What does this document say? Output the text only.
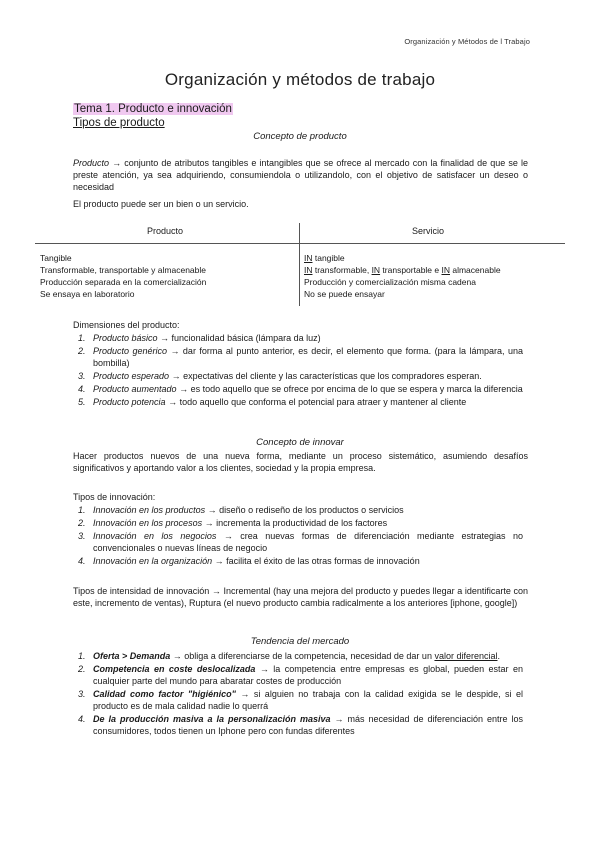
Organización y Métodos de l Trabajo
Organización y métodos de trabajo
Tema 1. Producto e innovación
Tipos de producto
Concepto de producto
Producto → conjunto de atributos tangibles e intangibles que se ofrece al mercado con la finalidad de que se le preste atención, ya sea adquiriendo, consumiendola o utilizandolo, con el objetivo de satisfacer un deseo o necesidad
El producto puede ser un bien o un servicio.
Producto	Servicio
Tangible
Transformable, transportable y almacenable
Producción separada en la comercialización
Se ensaya en laboratorio
IN tangible
IN transformable, IN transportable e IN almacenable
Producción y comercialización misma cadena
No se puede ensayar
Dimensiones del producto:
1. Producto básico → funcionalidad básica (lámpara da luz)
2. Producto genérico → dar forma al punto anterior, es decir, el elemento que forma. (para la lámpara, una bombilla)
3. Producto esperado → expectativas del cliente y las características que los compradores esperan.
4. Producto aumentado → es todo aquello que se ofrece por encima de lo que se espera y marca la diferencia
5. Producto potencia → todo aquello que conforma el potencial para atraer y mantener al cliente
Concepto de innovar
Hacer productos nuevos de una nueva forma, mediante un proceso sistemático, asumiendo desafíos significativos y aportando valor a los clientes, sociedad y la propia empresa.
Tipos de innovación:
1. Innovación en los productos → diseño o rediseño de los productos o servicios
2. Innovación en los procesos → incrementa la productividad de los factores
3. Innovación en los negocios → crea nuevas formas de diferenciación mediante estrategias no convencionales o nuevas líneas de negocio
4. Innovación en la organización → facilita el éxito de las otras formas de innovación
Tipos de intensidad de innovación → Incremental (hay una mejora del producto y puedes llegar a identificarte con este, incremento de ventas), Ruptura (el nuevo producto cambia radicalmente a los anteriores [iphone, google])
Tendencia del mercado
1. Oferta > Demanda → obliga a diferenciarse de la competencia, necesidad de dar un valor diferencial.
2. Competencia en coste deslocalizada → la competencia entre empresas es global, pueden estar en cualquier parte del mundo para abaratar costes de producción
3. Calidad como factor "higiénico" → si alguien no trabaja con la calidad exigida se le despide, si el producto es de mala calidad nadie lo querrá
4. De la producción masiva a la personalización masiva → más necesidad de diferenciación entre los consumidores, todos tienen un Iphone pero con fundas diferentes
